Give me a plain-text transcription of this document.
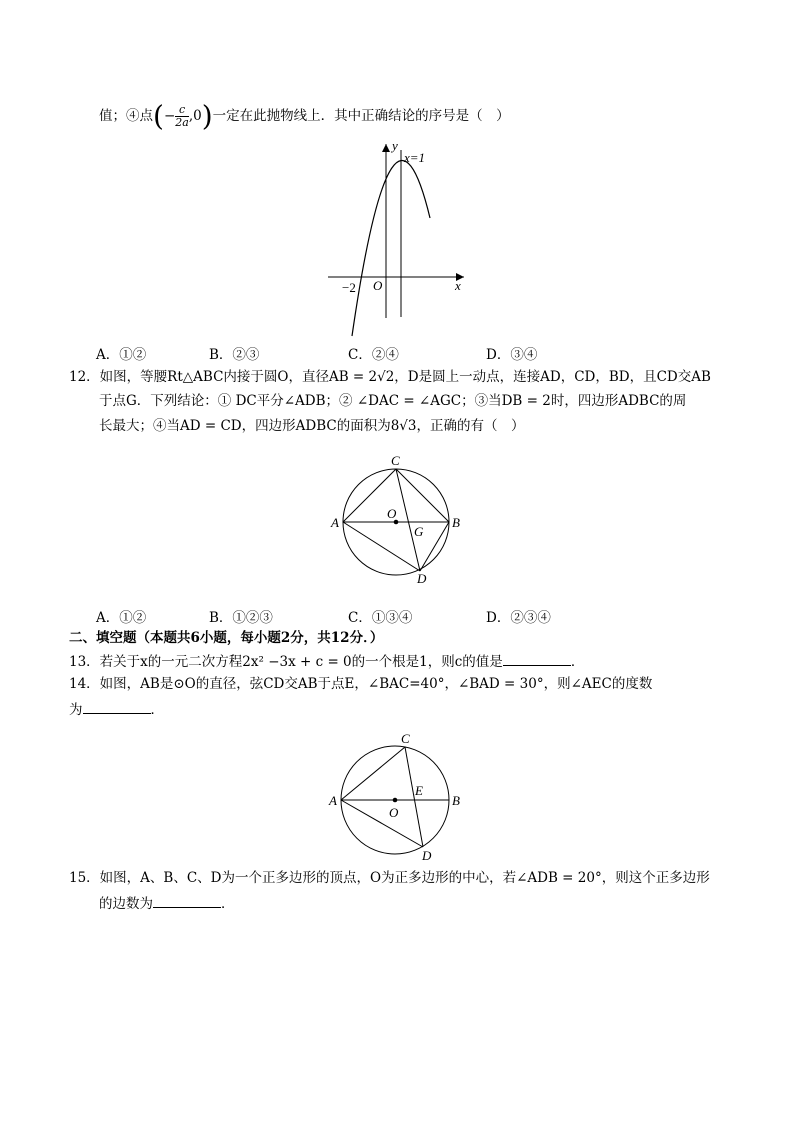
值；④点(− $\frac{c}{2a},0$)一定在此抛物线上．其中正确结论的序号是（　）
y
x
x=1
O
−2
A．①②	B．②③	C．②④	D．③④
12．如图，等腰Rt△ABC内接于圆O，直径AB = 2√2，D是圆上一动点，连接AD，CD，BD，且CD交AB
于点G．下列结论：① DC平分∠ADB；② ∠DAC = ∠AGC；③当DB = 2时，四边形ADBC的周
长最大；④当AD = CD，四边形ADBC的面积为8√3，正确的有（　）
A	B
C
D
O
G
A．①②	B．①②③	C．①③④	D．②③④
二、填空题（本题共6小题，每小题2分，共12分．）
13．若关于x的一元二次方程2x² −3x + c = 0的一个根是1，则c的值是	．
14．如图，AB是⊙O的直径，弦CD交AB于点E，∠BAC=40°，∠BAD = 30°，则∠AEC的度数
为	．
A	B
C
D
O
E
15．如图，A、B、C、D为一个正多边形的顶点，O为正多边形的中心，若∠ADB = 20°，则这个正多边形
的边数为	．
